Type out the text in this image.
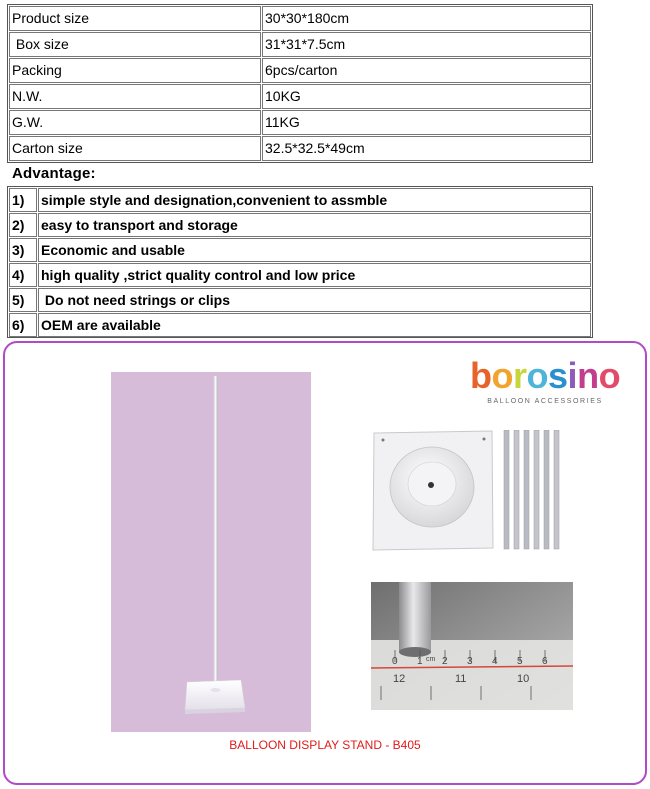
Product size	30*30*180cm
Box size	31*31*7.5cm
Packing	6pcs/carton
N.W.	10KG
G.W.	11KG
Carton size	32.5*32.5*49cm
Advantage:
1)	simple style and designation,convenient to assmble
2)	easy to transport and storage
3)	Economic and usable
4)	high quality ,strict quality control and low price
5)	Do not need strings or clips
6)	OEM are available
b o r o s i n o
BALLOON ACCESSORIES
0 1 cm 2 3 4 5 6
12	11	10
BALLOON DISPLAY STAND - B405
